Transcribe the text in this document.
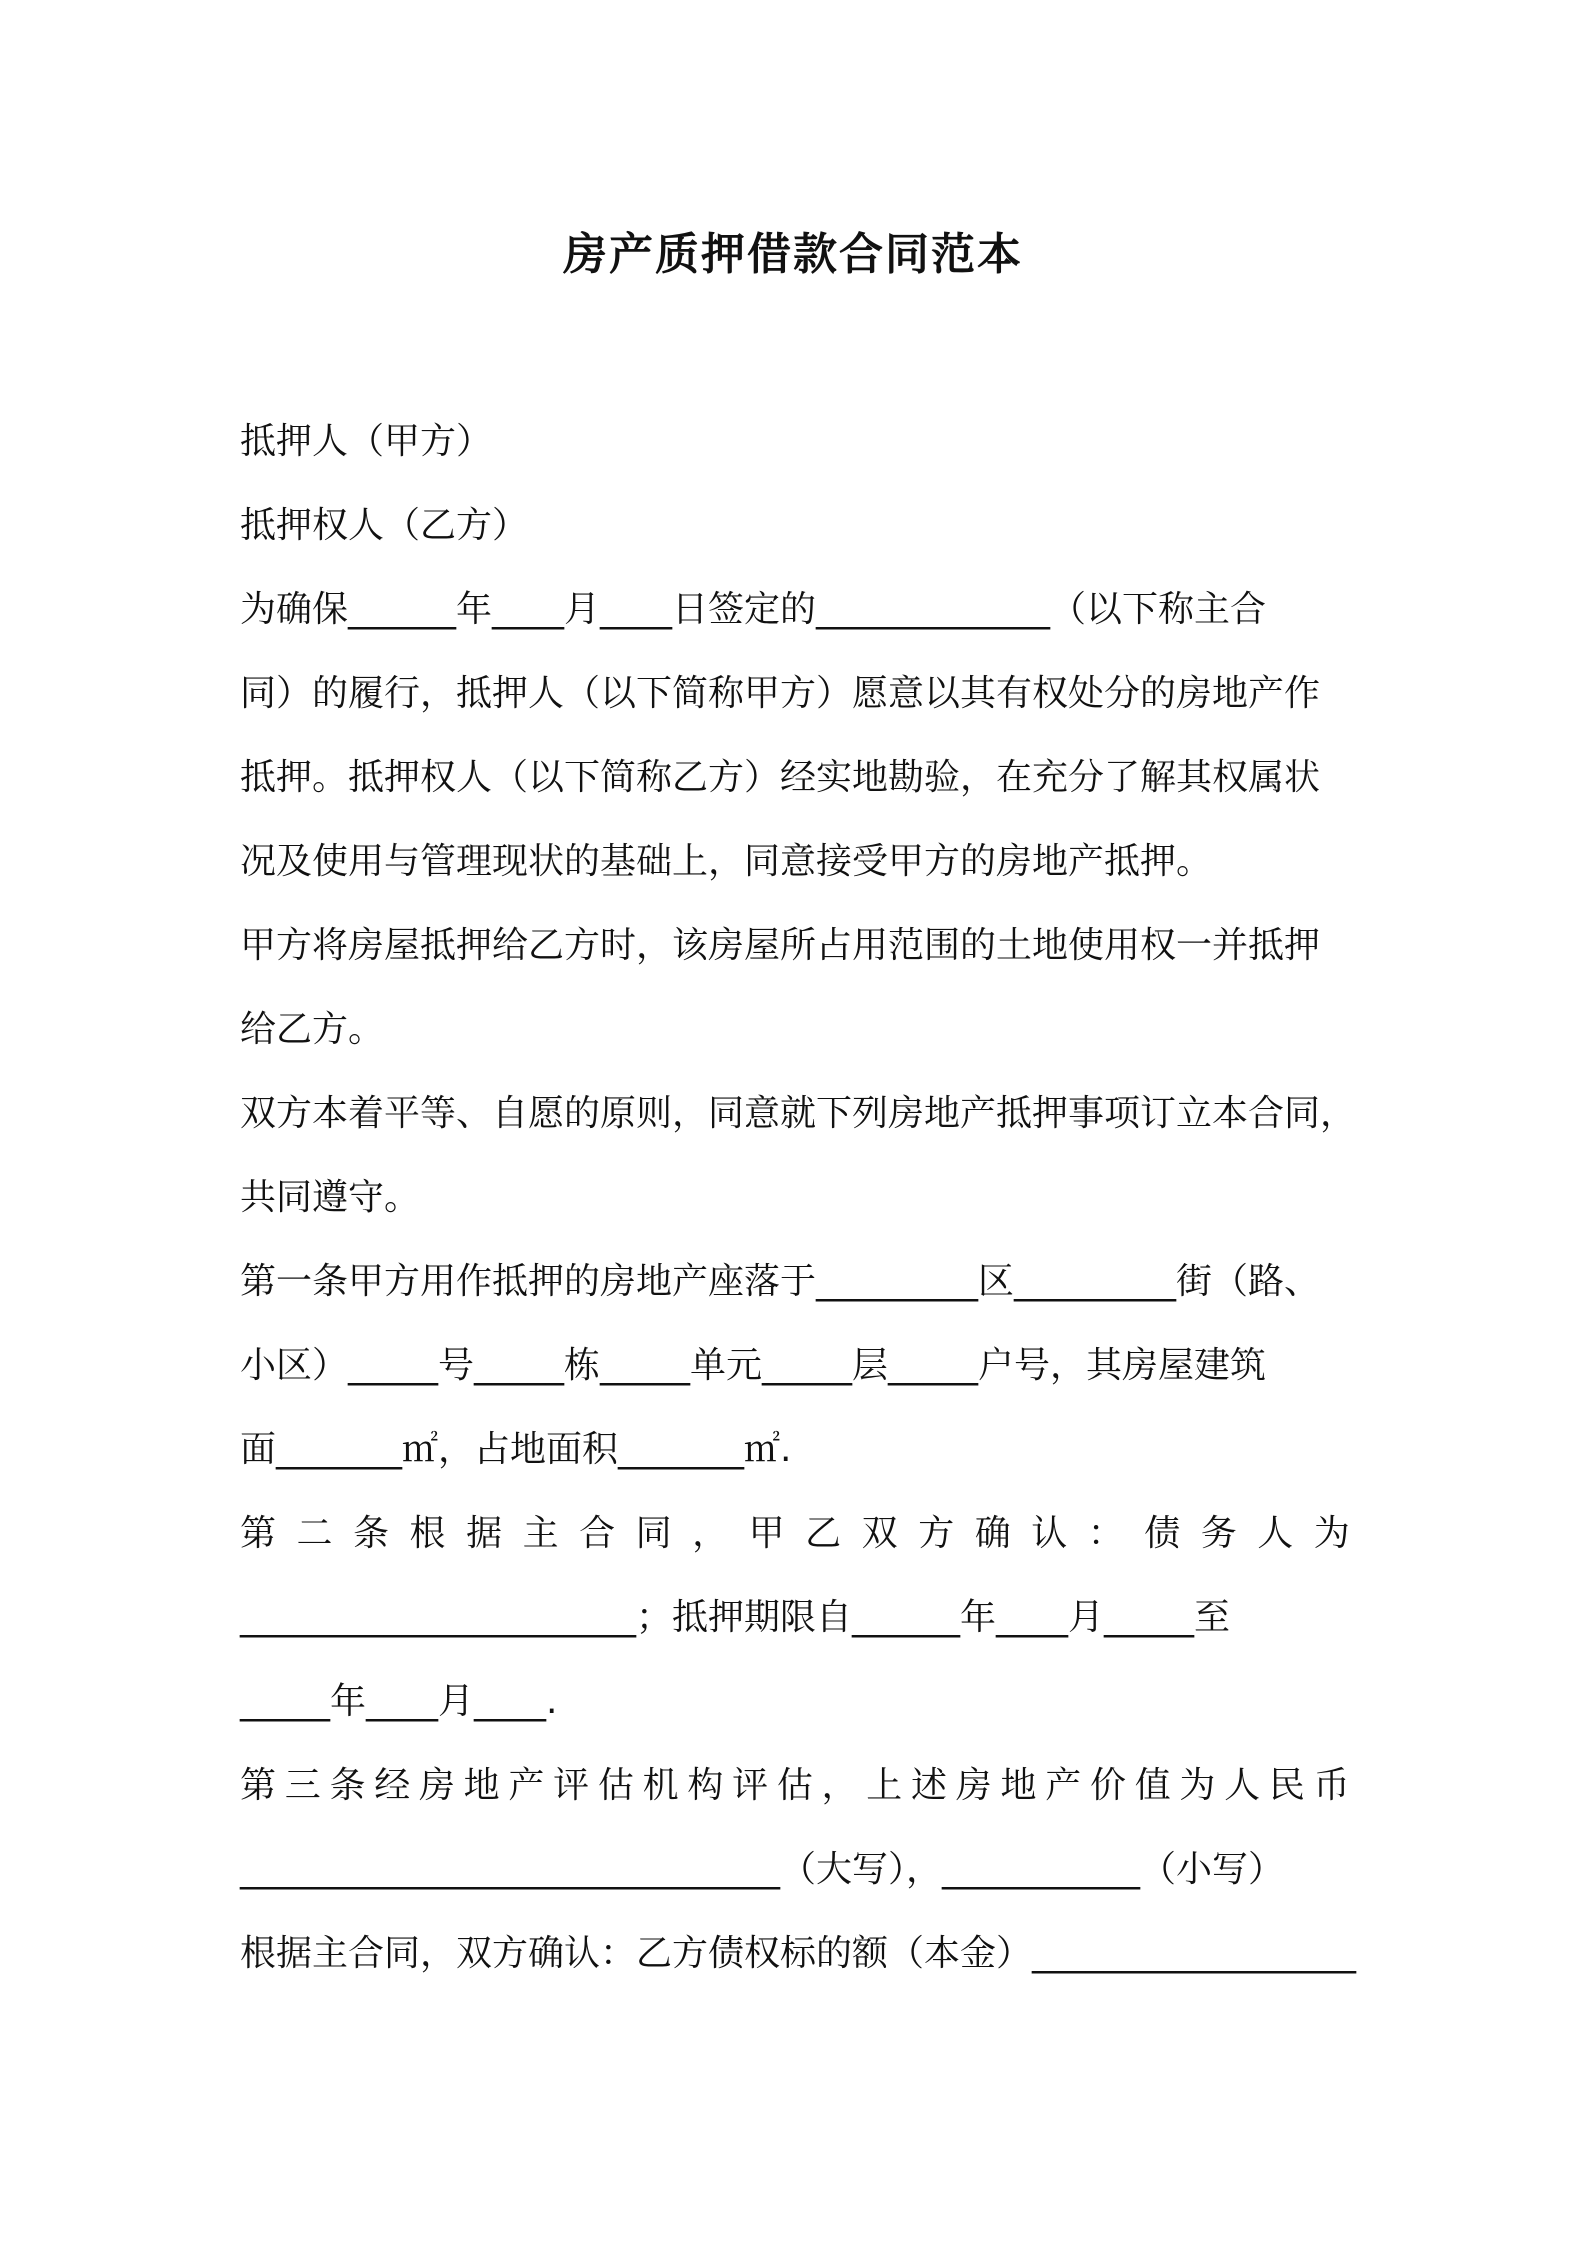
房产质押借款合同范本
抵押人（甲方）
抵押权人（乙方）
为确保______年____月____日签定的_____________（以下称主合
同）的履行，抵押人（以下简称甲方）愿意以其有权处分的房地产作
抵押。抵押权人（以下简称乙方）经实地勘验，在充分了解其权属状
况及使用与管理现状的基础上，同意接受甲方的房地产抵押。
甲方将房屋抵押给乙方时，该房屋所占用范围的土地使用权一并抵押
给乙方。
双方本着平等、自愿的原则，同意就下列房地产抵押事项订立本合同，
共同遵守。
第一条甲方用作抵押的房地产座落于_________区_________街（路、
小区）_____号_____栋_____单元_____层_____户号，其房屋建筑
面_______㎡，占地面积_______㎡.
第 二 条 根 据 主 合 同 ， 甲 乙 双 方 确 认 ： 债 务 人 为
______________________；抵押期限自______年____月_____至
_____年____月____.
第 三 条 经 房 地 产 评 估 机 构 评 估 ， 上 述 房 地 产 价 值 为 人 民 币
______________________________（大写），___________（小写）
根据主合同，双方确认：乙方债权标的额（本金）__________________
